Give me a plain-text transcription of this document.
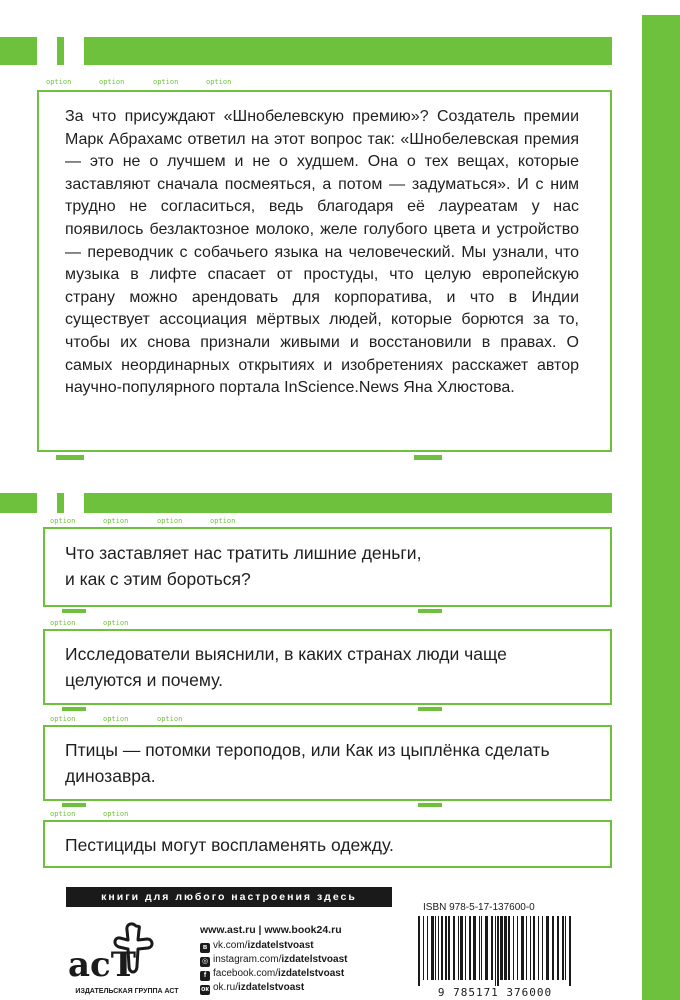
option	option	option	option
За что присуждают «Шнобелевскую премию»? Создатель премии Марк Абрахамс ответил на этот вопрос так: «Шнобелевская премия — это не о лучшем и не о худшем. Она о тех вещах, которые заставляют сначала посмеяться, а потом — задуматься». И с ним трудно не согласиться, ведь благодаря её лауреатам у нас появилось безлактозное молоко, желе голубого цвета и устройство — переводчик с собачьего языка на человеческий. Мы узнали, что музыка в лифте спасает от простуды, что целую европейскую страну можно арендовать для корпоратива, и что в Индии существует ассоциация мёртвых людей, которые борются за то, чтобы их снова признали живыми и восстановили в правах. О самых неординарных открытиях и изобретениях расскажет автор научно-популярного портала InScience.News Яна Хлюстова.
option	option	option	option
Что заставляет нас тратить лишние деньги, и как с этим бороться?
option	option
Исследователи выяснили, в каких странах люди чаще целуются и почему.
option	option	option
Птицы — потомки тероподов, или Как из цыплёнка сделать динозавра.
option	option
Пестициды могут воспламенять одежду.
книги для любого настроения здесь
acT
ИЗДАТЕЛЬСКАЯ ГРУППА АСТ
www.ast.ru | www.book24.ru
в vk.com/izdatelstvoast
◎ instagram.com/izdatelstvoast
f facebook.com/izdatelstvoast
ок ok.ru/izdatelstvoast
ISBN 978-5-17-137600-0
9 785171 376000
